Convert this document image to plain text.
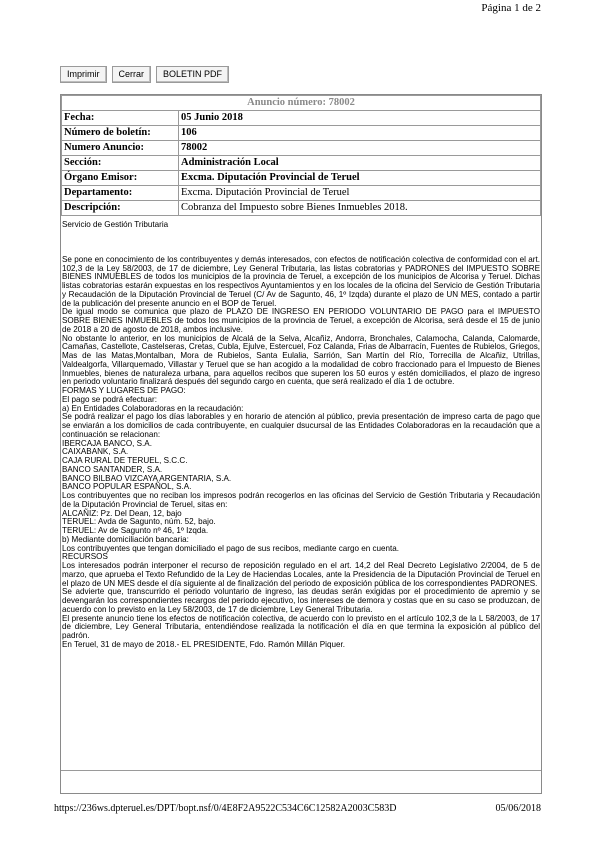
Página 1 de 2
Imprimir	Cerrar	BOLETIN PDF
Anuncio número: 78002	
Fecha:	05 Junio 2018
Número de boletín:	106
Numero Anuncio:	78002
Sección:	Administración Local
Órgano Emisor:	Excma. Diputación Provincial de Teruel
Departamento:	Excma. Diputación Provincial de Teruel
Descripción:	Cobranza del Impuesto sobre Bienes Inmuebles 2018.

Servicio de Gestión Tributaria

Se pone en conocimiento de los contribuyentes y demás interesados, con efectos de notificación colectiva de conformidad con el art. 102,3 de la Ley 58/2003, de 17 de diciembre, Ley General Tributaria, las listas cobratorias y PADRONES del IMPUESTO SOBRE BIENES INMUEBLES de todos los municipios de la provincia de Teruel, a excepción de los municipios de Alcorisa y Teruel. Dichas listas cobratorias estarán expuestas en los respectivos Ayuntamientos y en los locales de la oficina del Servicio de Gestión Tributaria y Recaudación de la Diputación Provincial de Teruel (C/ Av de Sagunto, 46, 1º Izqda) durante el plazo de UN MES, contado a partir de la publicación del presente anuncio en el BOP de Teruel.

De igual modo se comunica que plazo de PLAZO DE INGRESO EN PERIODO VOLUNTARIO DE PAGO para el IMPUESTO SOBRE BIENES INMUEBLES de todos los municipios de la provincia de Teruel, a excepción de Alcorisa, será desde el 15 de junio de 2018 a 20 de agosto de 2018, ambos inclusive.

No obstante lo anterior, en los municipios de Alcalá de la Selva, Alcañiz, Andorra, Bronchales, Calamocha, Calanda, Calomarde, Camañas, Castellote, Castelseras, Cretas, Cubla, Ejulve, Estercuel, Foz Calanda, Frias de Albarracín, Fuentes de Rubielos, Griegos, Mas de las Matas,Montalban, Mora de Rubielos, Santa Eulalia, Sarrión, San Martín del Río, Torrecilla de Alcañiz, Utrillas, Valdealgorfa, Villarquemado, Villastar y Teruel que se han acogido a la modalidad de cobro fraccionado para el Impuesto de Bienes Inmuebles, bienes de naturaleza urbana, para aquellos recibos que superen los 50 euros y estén domiciliados, el plazo de ingreso en periodo voluntario finalizará después del segundo cargo en cuenta, que será realizado el día 1 de octubre.

FORMAS Y LUGARES DE PAGO:

El pago se podrá efectuar:

a) En Entidades Colaboradoras en la recaudación:

Se podrá realizar el pago los días laborables y en horario de atención al público, previa presentación de impreso carta de pago que se enviarán a los domicilios de cada contribuyente, en cualquier dsucursal de las Entidades Colaboradoras en la recaudación que a continuación se relacionan:

IBERCAJA BANCO, S.A.

CAIXABANK, S.A.

CAJA RURAL DE TERUEL, S.C.C.

BANCO SANTANDER, S.A.

BANCO BILBAO VIZCAYA ARGENTARIA, S.A.

BANCO POPULAR ESPAÑOL, S.A.

Los contribuyentes que no reciban los impresos podrán recogerlos en las oficinas del Servicio de Gestión Tributaria y Recaudación de la Diputación Provincial de Teruel, sitas en:

ALCAÑIZ: Pz. Del Dean, 12, bajo

TERUEL: Avda de Sagunto, núm. 52, bajo.

TERUEL: Av de Sagunto nº 46, 1º Izqda.

b) Mediante domiciliación bancaria:

Los contribuyentes que tengan domiciliado el pago de sus recibos, mediante cargo en cuenta.

RECURSOS

Los interesados podrán interponer el recurso de reposición regulado en el art. 14,2 del Real Decreto Legislativo 2/2004, de 5 de marzo, que aprueba el Texto Refundido de la Ley de Haciendas Locales, ante la Presidencia de la Diputación Provincial de Teruel en el plazo de UN MES desde el día siguiente al de finalización del periodo de exposición pública de los correspondientes PADRONES.

Se advierte que, transcurrido el periodo voluntario de ingreso, las deudas serán exigidas por el procedimiento de apremio y se devengarán los correspondientes recargos del periodo ejecutivo, los intereses de demora y costas que en su caso se produzcan, de acuerdo con lo previsto en la Ley 58/2003, de 17 de diciembre, Ley General Tributaria.

El presente anuncio tiene los efectos de notificación colectiva, de acuerdo con lo previsto en el artículo 102,3 de la L 58/2003, de 17 de diciembre, Ley General Tributaria, entendiéndose realizada la notificación el día en que termina la exposición al público del padrón.

En Teruel, 31 de mayo de 2018.- EL PRESIDENTE, Fdo. Ramón Millán Piquer.

https://236ws.dpteruel.es/DPT/bopt.nsf/0/4E8F2A9522C534C6C12582A2003C583D	05/06/2018
